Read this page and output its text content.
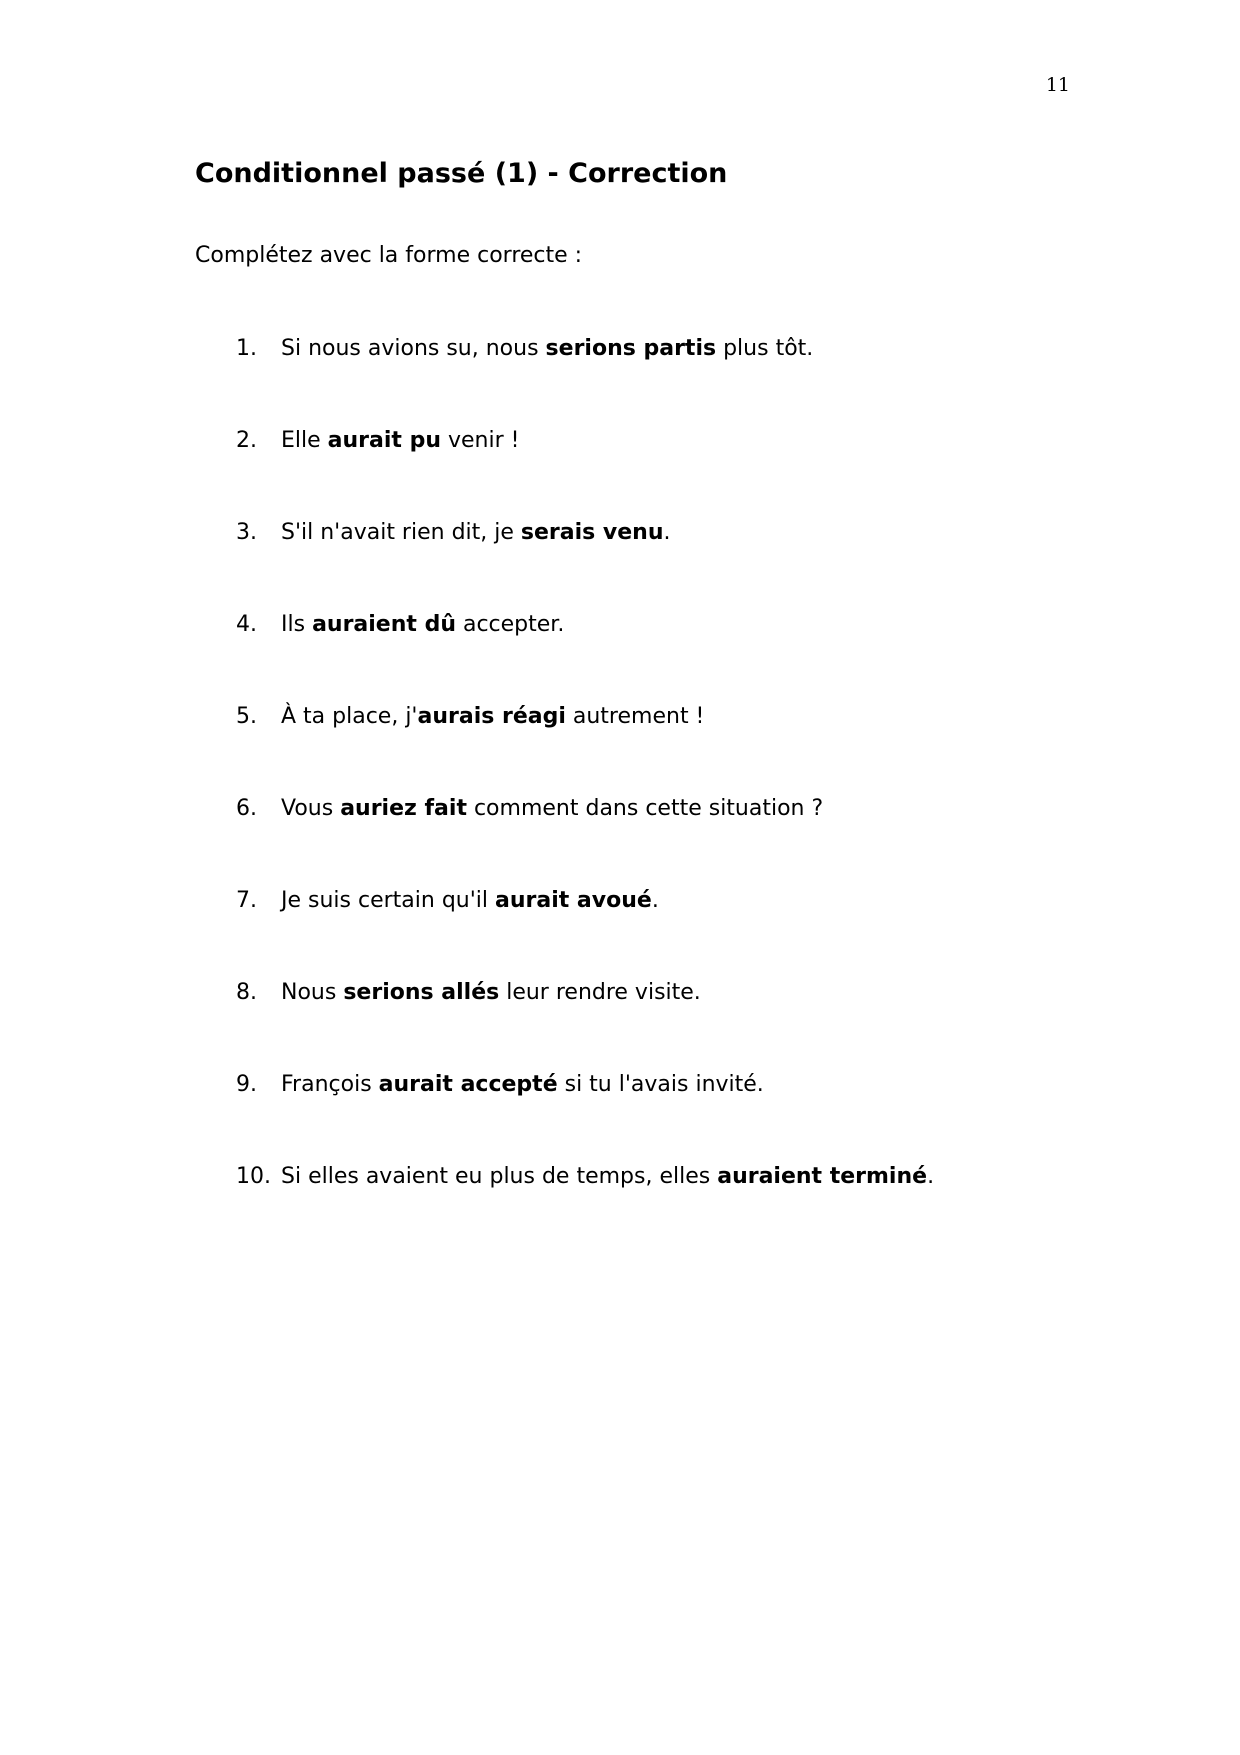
11
Conditionnel passé (1) - Correction

Complétez avec la forme correcte :

1.	Si nous avions su, nous serions partis plus tôt.
2.	Elle aurait pu venir !
3.	S'il n'avait rien dit, je serais venu.
4.	Ils auraient dû accepter.
5.	À ta place, j'aurais réagi autrement !
6.	Vous auriez fait comment dans cette situation ?
7.	Je suis certain qu'il aurait avoué.
8.	Nous serions allés leur rendre visite.
9.	François aurait accepté si tu l'avais invité.
10. Si elles avaient eu plus de temps, elles auraient terminé.
